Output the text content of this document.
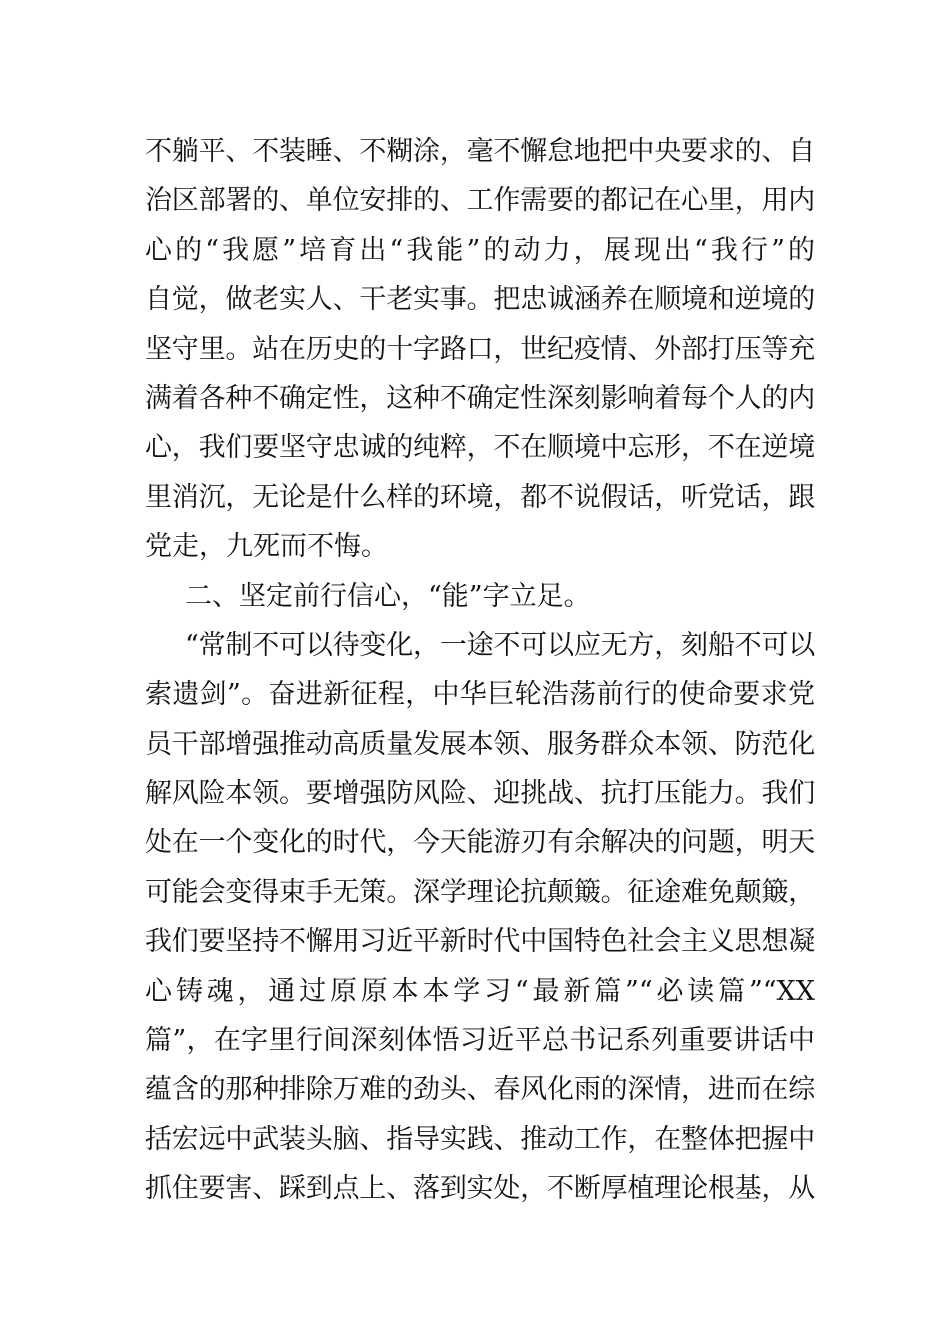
不躺平、不装睡、不糊涂，毫不懈怠地把中央要求的、自
治区部署的、单位安排的、工作需要的都记在心里，用内
心的“我愿”培育出“我能”的动力，展现出“我行”的
自觉，做老实人、干老实事。把忠诚涵养在顺境和逆境的
坚守里。站在历史的十字路口，世纪疫情、外部打压等充
满着各种不确定性，这种不确定性深刻影响着每个人的内
心，我们要坚守忠诚的纯粹，不在顺境中忘形，不在逆境
里消沉，无论是什么样的环境，都不说假话，听党话，跟
党走，九死而不悔。
二、坚定前行信心，“能”字立足。
“常制不可以待变化，一途不可以应无方，刻船不可以
索遗剑”。奋进新征程，中华巨轮浩荡前行的使命要求党
员干部增强推动高质量发展本领、服务群众本领、防范化
解风险本领。要增强防风险、迎挑战、抗打压能力。我们
处在一个变化的时代，今天能游刃有余解决的问题，明天
可能会变得束手无策。深学理论抗颠簸。征途难免颠簸，
我们要坚持不懈用习近平新时代中国特色社会主义思想凝
心铸魂，通过原原本本学习“最新篇”“必读篇”“XX
篇”，在字里行间深刻体悟习近平总书记系列重要讲话中
蕴含的那种排除万难的劲头、春风化雨的深情，进而在综
括宏远中武装头脑、指导实践、推动工作，在整体把握中
抓住要害、踩到点上、落到实处，不断厚植理论根基，从
